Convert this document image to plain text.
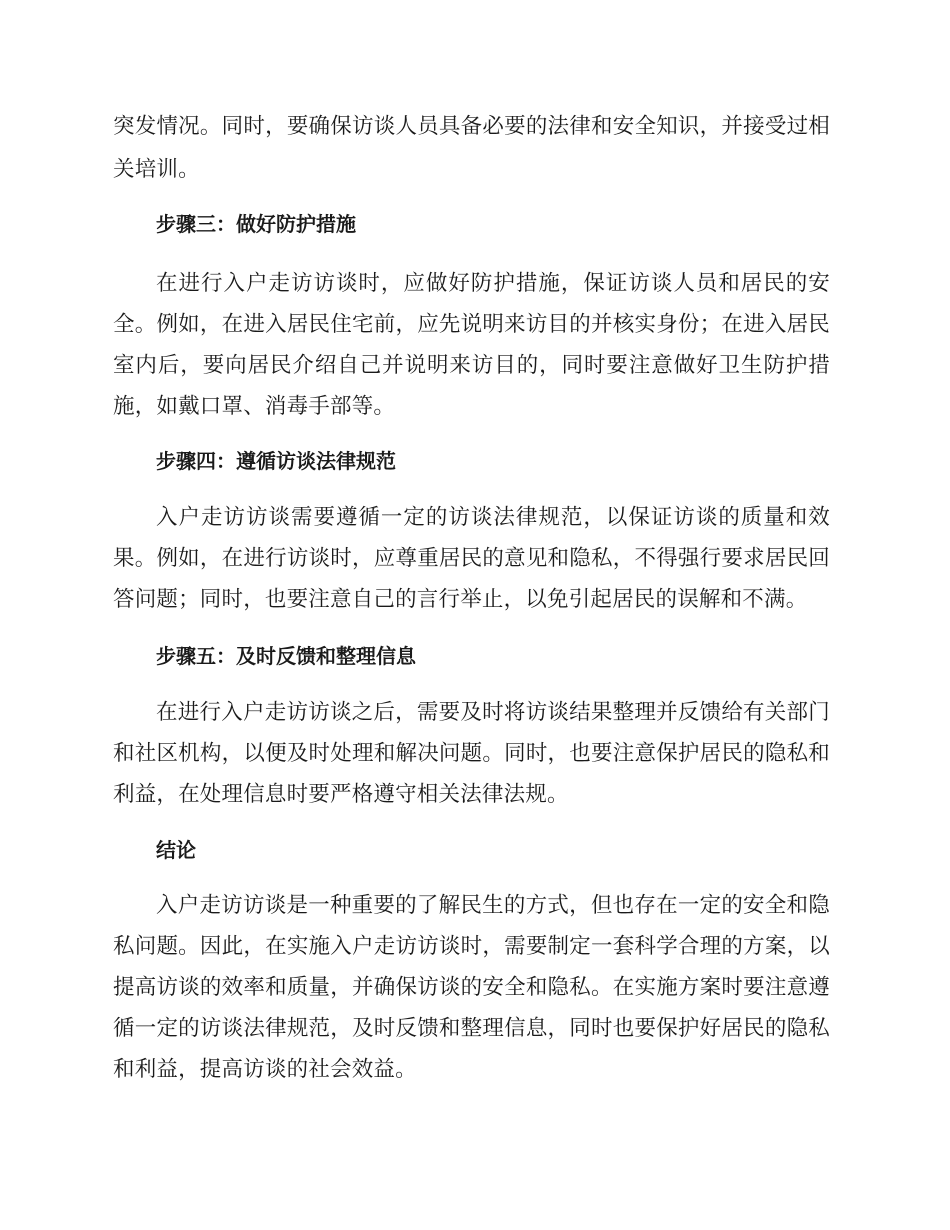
突发情况。同时，要确保访谈人员具备必要的法律和安全知识，并接受过相
关培训。
步骤三：做好防护措施
在进行入户走访访谈时，应做好防护措施，保证访谈人员和居民的安
全。例如，在进入居民住宅前，应先说明来访目的并核实身份；在进入居民
室内后，要向居民介绍自己并说明来访目的，同时要注意做好卫生防护措
施，如戴口罩、消毒手部等。
步骤四：遵循访谈法律规范
入户走访访谈需要遵循一定的访谈法律规范，以保证访谈的质量和效
果。例如，在进行访谈时，应尊重居民的意见和隐私，不得强行要求居民回
答问题；同时，也要注意自己的言行举止，以免引起居民的误解和不满。
步骤五：及时反馈和整理信息
在进行入户走访访谈之后，需要及时将访谈结果整理并反馈给有关部门
和社区机构，以便及时处理和解决问题。同时，也要注意保护居民的隐私和
利益，在处理信息时要严格遵守相关法律法规。
结论
入户走访访谈是一种重要的了解民生的方式，但也存在一定的安全和隐
私问题。因此，在实施入户走访访谈时，需要制定一套科学合理的方案，以
提高访谈的效率和质量，并确保访谈的安全和隐私。在实施方案时要注意遵
循一定的访谈法律规范，及时反馈和整理信息，同时也要保护好居民的隐私
和利益，提高访谈的社会效益。
